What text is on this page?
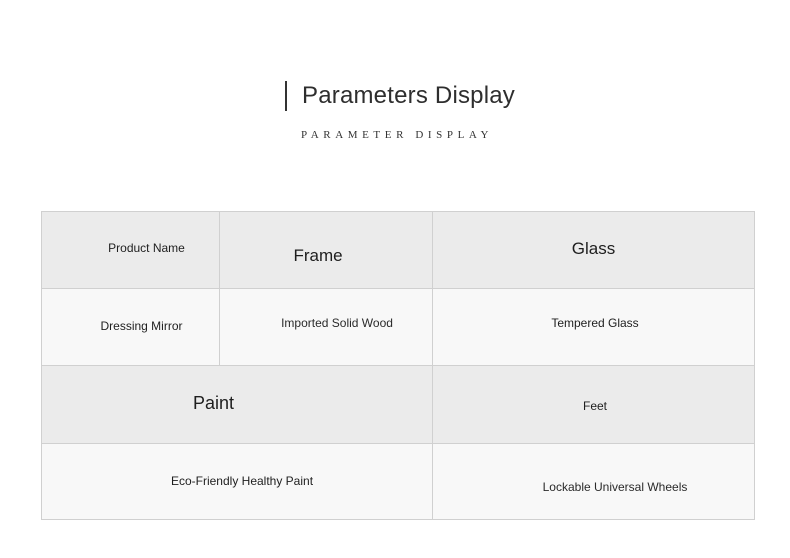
Parameters Display
PARAMETER DISPLAY
Product Name	Frame	Glass
Dressing Mirror	Imported Solid Wood	Tempered Glass
Paint	Feet
Eco-Friendly Healthy Paint	Lockable Universal Wheels
